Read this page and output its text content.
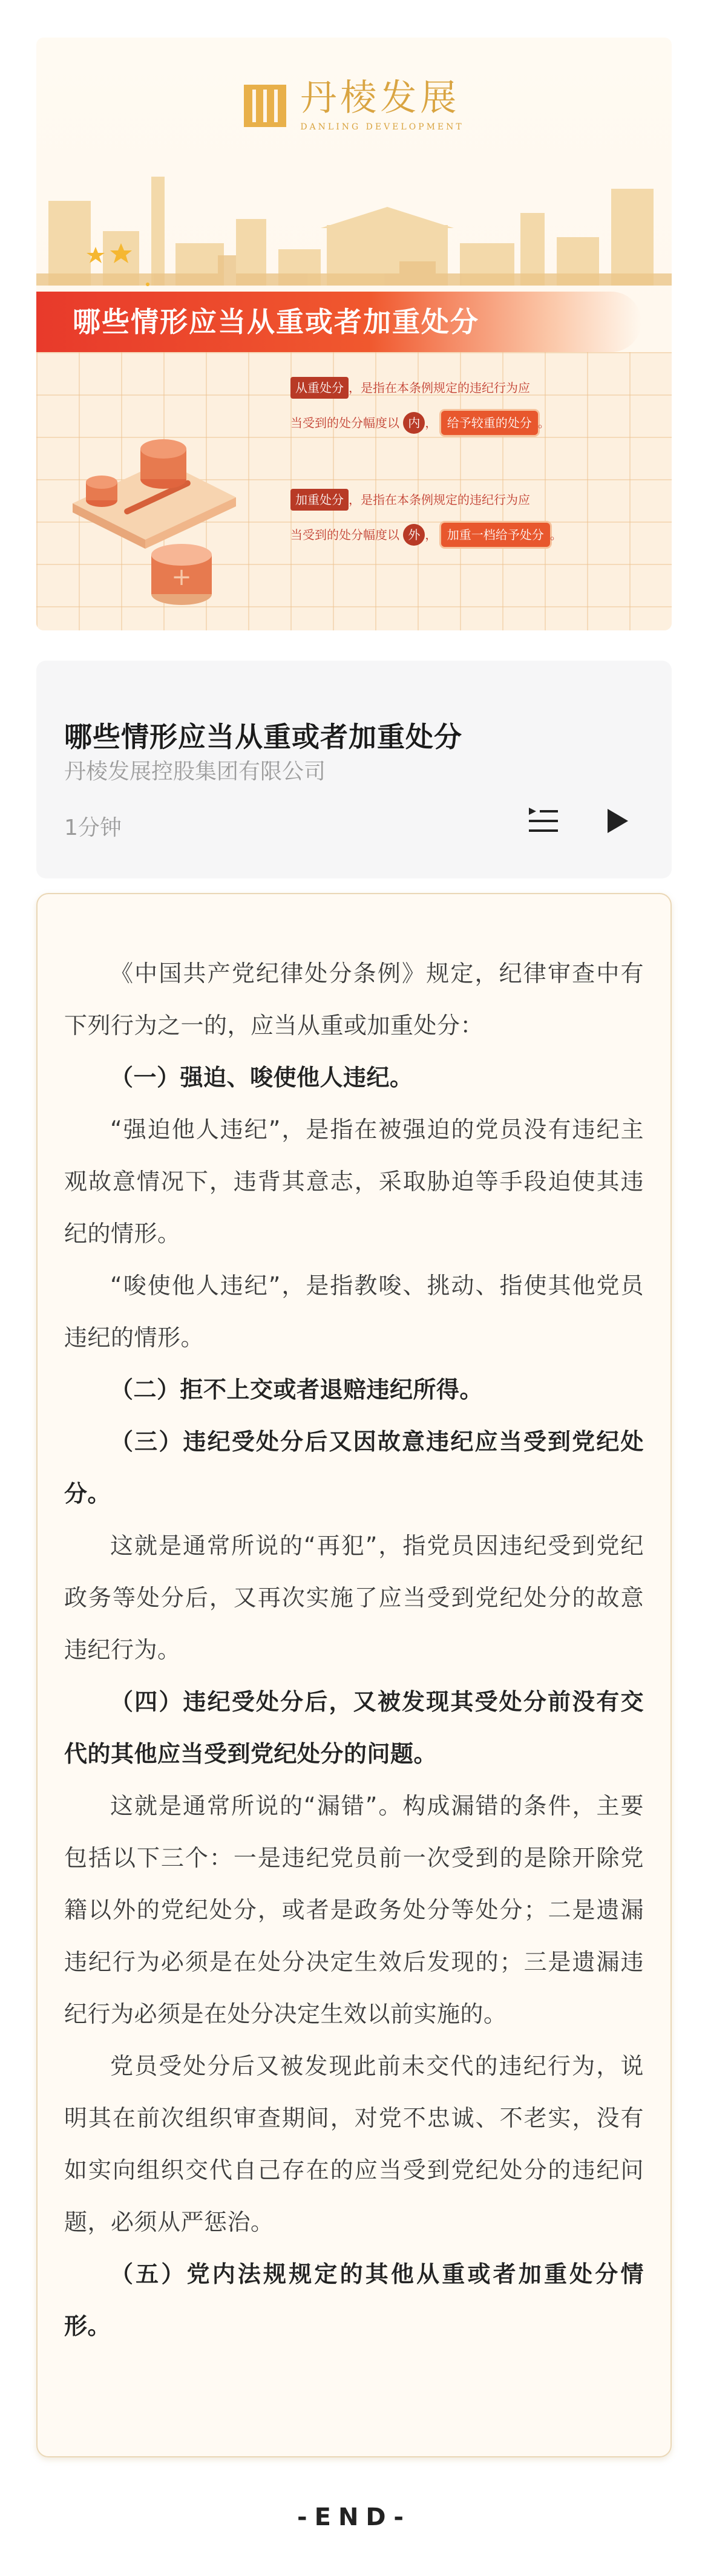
丹棱发展
DANLING DEVELOPMENT
哪些情形应当从重或者加重处分
+
从重处分 ，是指在本条例规定的违纪行为应
当受到的处分幅度以 内 ， 给予较重的处分 。
加重处分 ，是指在本条例规定的违纪行为应
当受到的处分幅度以 外 ， 加重一档给予处分 。
哪些情形应当从重或者加重处分
丹棱发展控股集团有限公司
1分钟

《中国共产党纪律处分条例》规定，纪律审查中有下列行为之一的，应当从重或加重处分：

（一）强迫、唆使他人违纪。

“强迫他人违纪”，是指在被强迫的党员没有违纪主观故意情况下，违背其意志，采取胁迫等手段迫使其违纪的情形。

“唆使他人违纪”，是指教唆、挑动、指使其他党员违纪的情形。

（二）拒不上交或者退赔违纪所得。

（三）违纪受处分后又因故意违纪应当受到党纪处分。

这就是通常所说的“再犯”，指党员因违纪受到党纪政务等处分后，又再次实施了应当受到党纪处分的故意违纪行为。

（四）违纪受处分后，又被发现其受处分前没有交代的其他应当受到党纪处分的问题。

这就是通常所说的“漏错”。构成漏错的条件，主要包括以下三个：一是违纪党员前一次受到的是除开除党籍以外的党纪处分，或者是政务处分等处分；二是遗漏违纪行为必须是在处分决定生效后发现的；三是遗漏违纪行为必须是在处分决定生效以前实施的。

党员受处分后又被发现此前未交代的违纪行为，说明其在前次组织审查期间，对党不忠诚、不老实，没有如实向组织交代自己存在的应当受到党纪处分的违纪问题，必须从严惩治。

（五）党内法规规定的其他从重或者加重处分情形。

-END-
